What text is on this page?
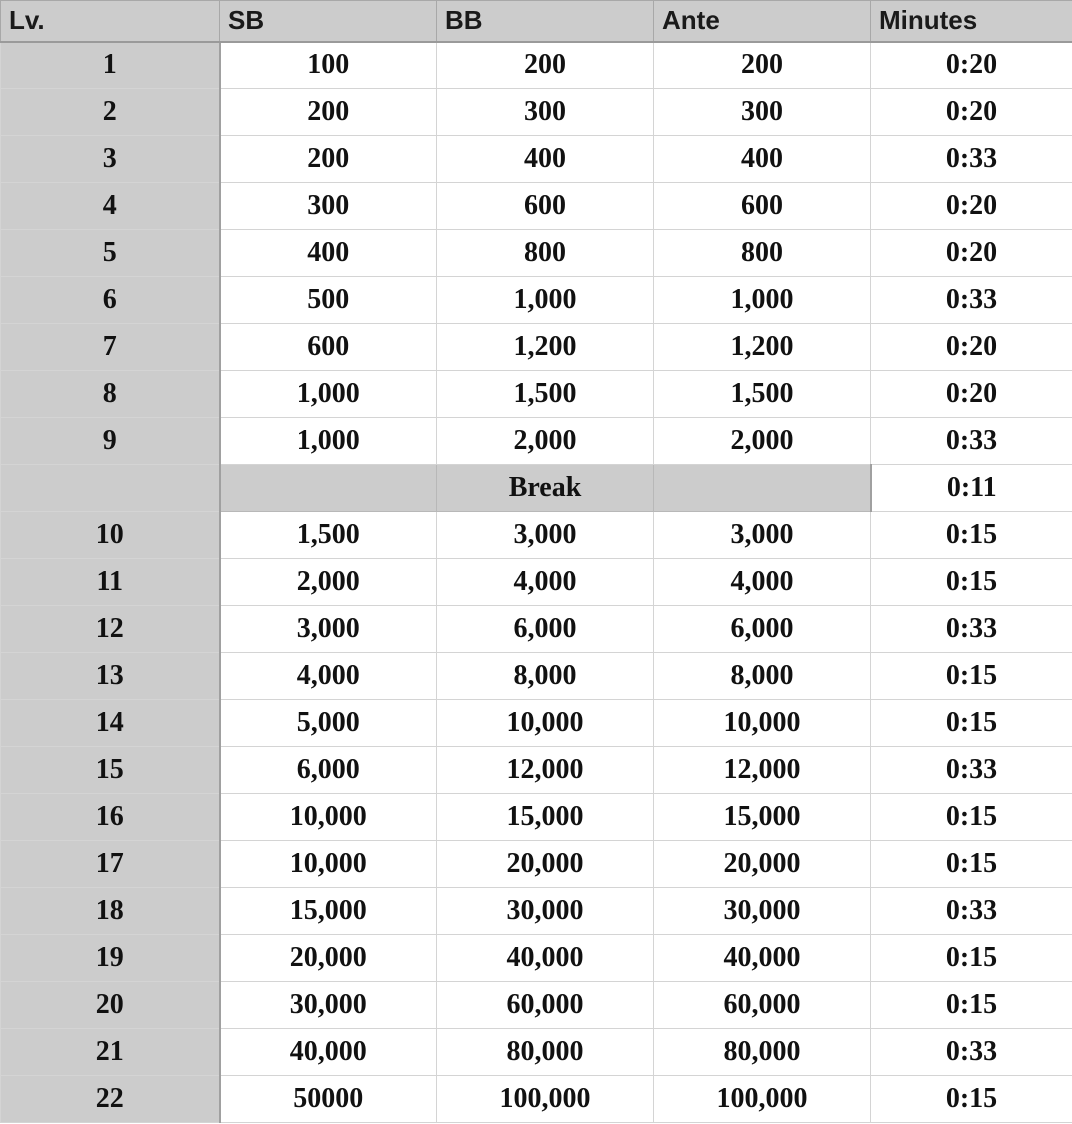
Lv.	SB	BB	Ante	Minutes
1	100	200	200	0:20
2	200	300	300	0:20
3	200	400	400	0:33
4	300	600	600	0:20
5	400	800	800	0:20
6	500	1,000	1,000	0:33
7	600	1,200	1,200	0:20
8	1,000	1,500	1,500	0:20
9	1,000	2,000	2,000	0:33
		Break		0:11
10	1,500	3,000	3,000	0:15
11	2,000	4,000	4,000	0:15
12	3,000	6,000	6,000	0:33
13	4,000	8,000	8,000	0:15
14	5,000	10,000	10,000	0:15
15	6,000	12,000	12,000	0:33
16	10,000	15,000	15,000	0:15
17	10,000	20,000	20,000	0:15
18	15,000	30,000	30,000	0:33
19	20,000	40,000	40,000	0:15
20	30,000	60,000	60,000	0:15
21	40,000	80,000	80,000	0:33
22	50000	100,000	100,000	0:15
